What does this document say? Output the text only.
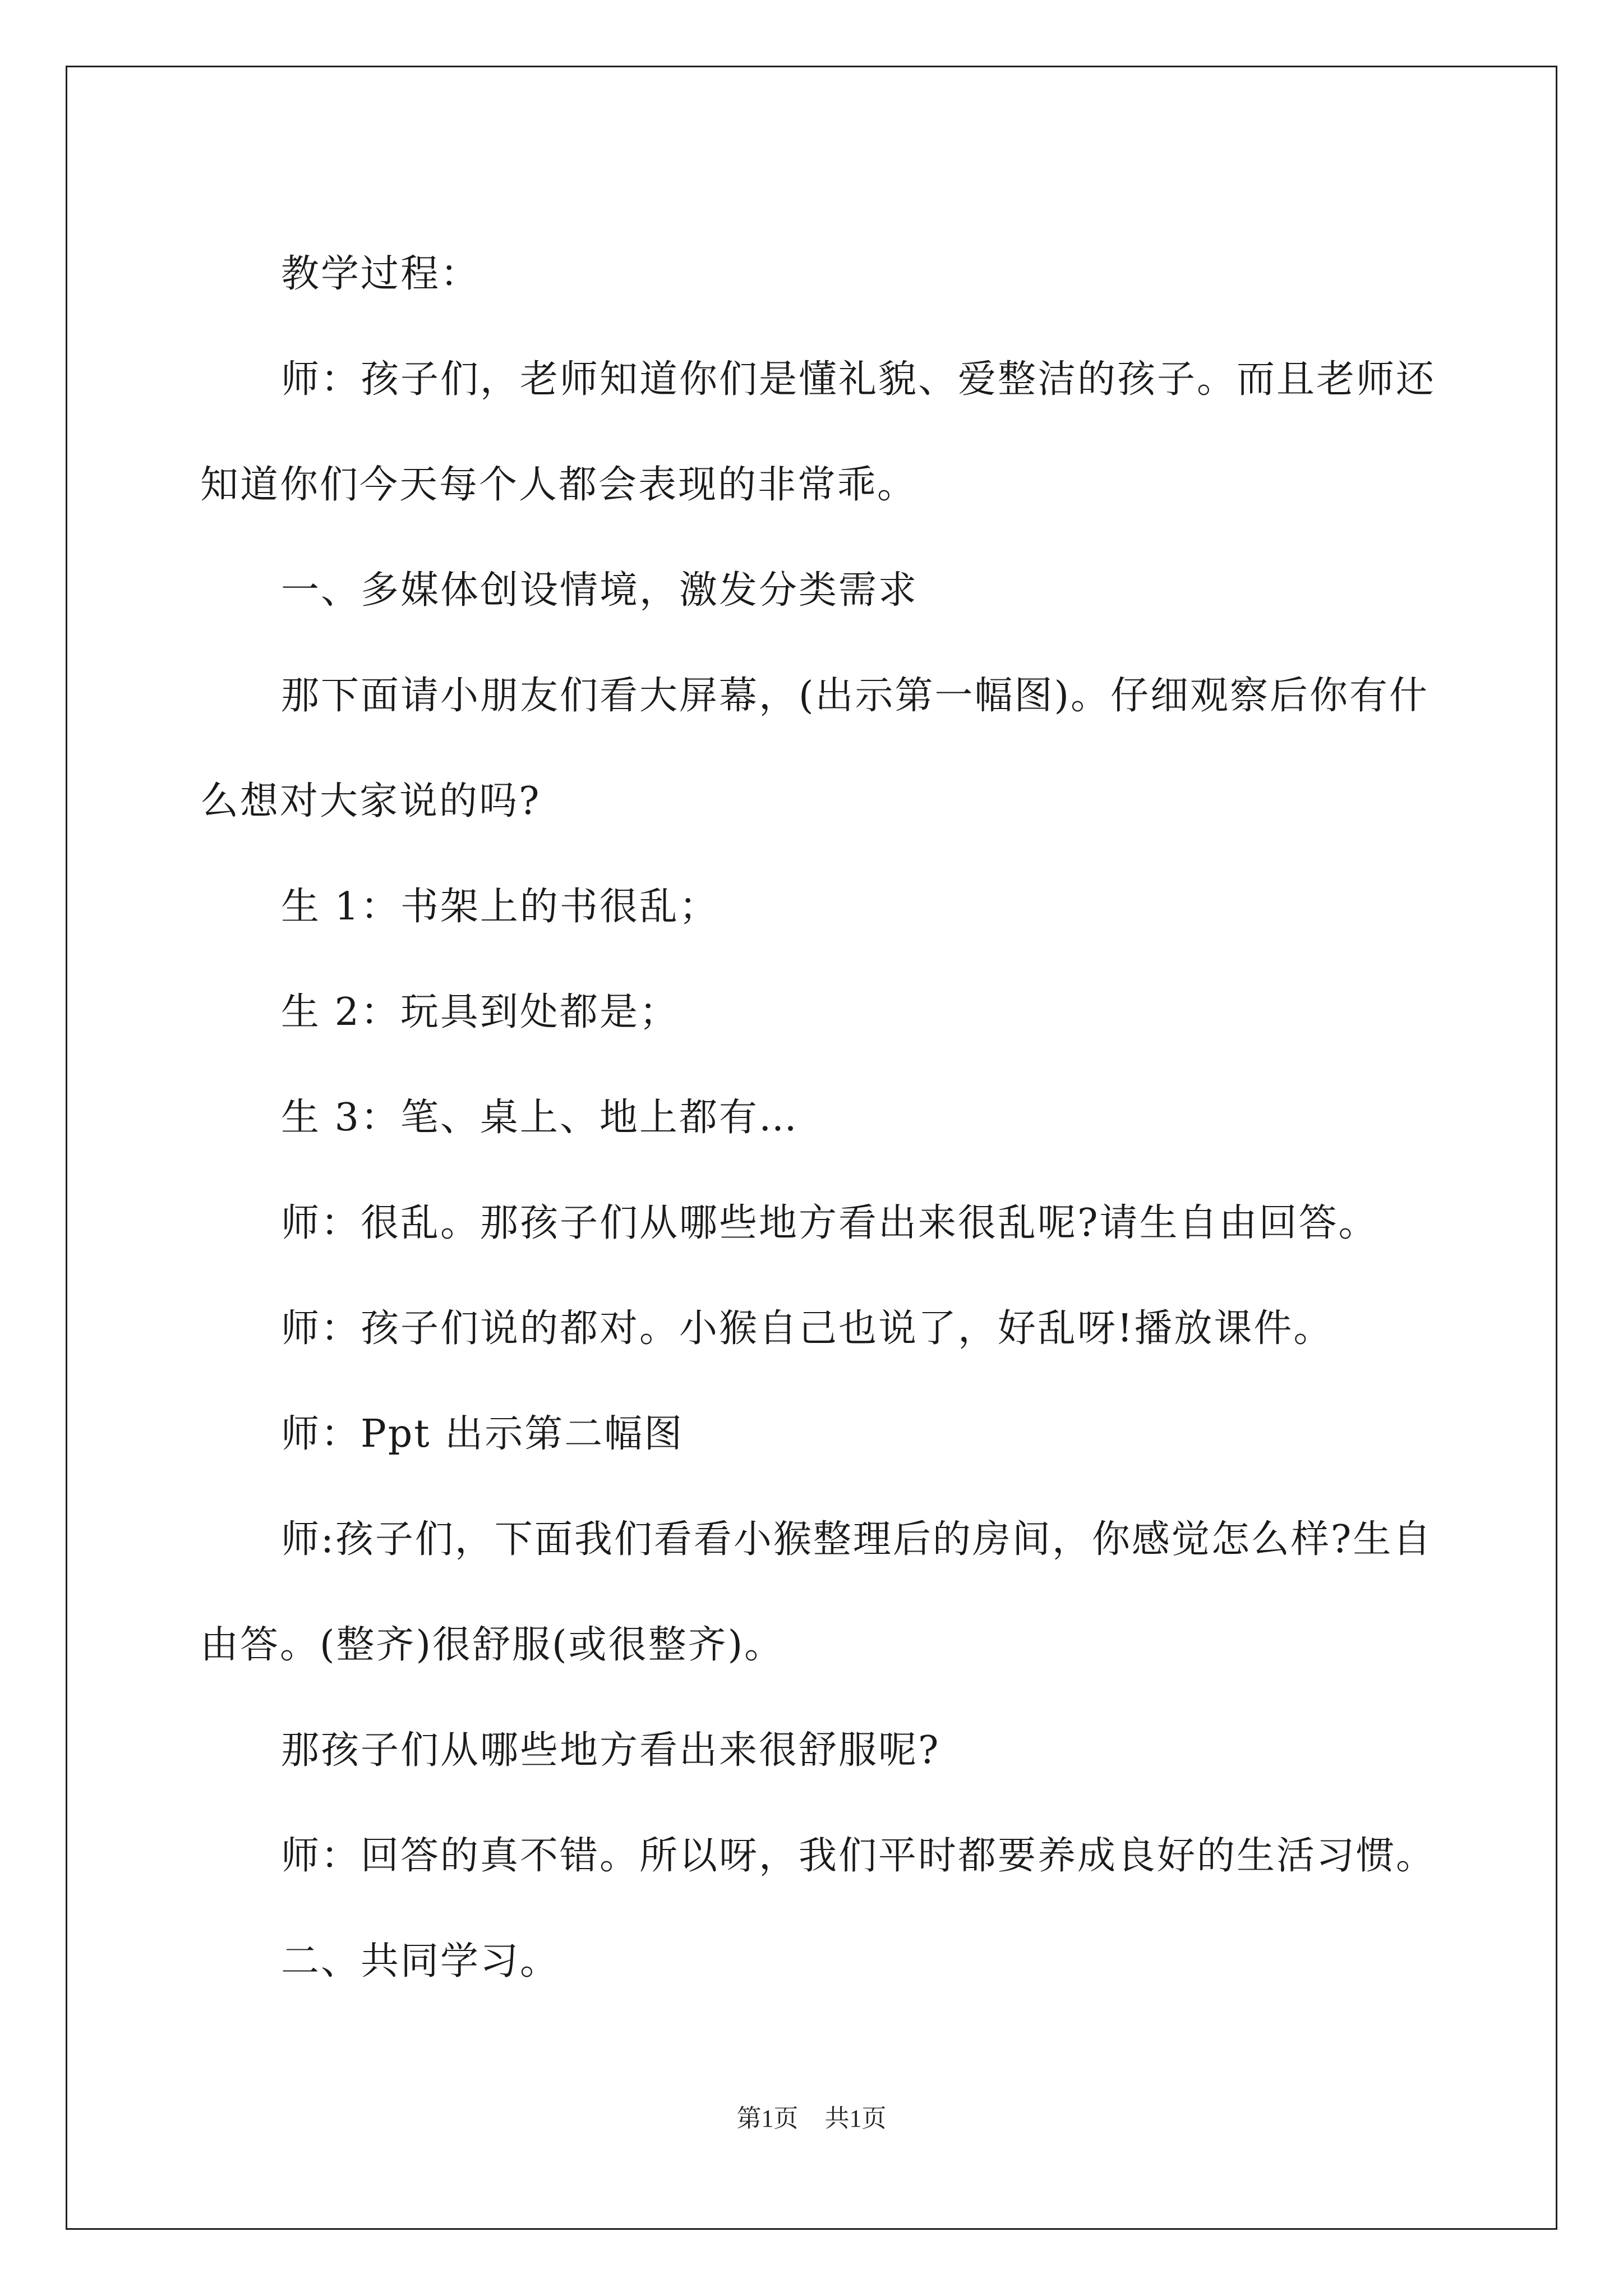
教学过程：

师：孩子们，老师知道你们是懂礼貌、爱整洁的孩子。而且老师还知道你们今天每个人都会表现的非常乖。

一、多媒体创设情境，激发分类需求

那下面请小朋友们看大屏幕，(出示第一幅图)。仔细观察后你有什么想对大家说的吗?

生 1：书架上的书很乱；

生 2：玩具到处都是；

生 3：笔、桌上、地上都有…

师：很乱。那孩子们从哪些地方看出来很乱呢?请生自由回答。

师：孩子们说的都对。小猴自己也说了，好乱呀!播放课件。

师：Ppt 出示第二幅图

师:孩子们，下面我们看看小猴整理后的房间，你感觉怎么样?生自由答。(整齐)很舒服(或很整齐)。

那孩子们从哪些地方看出来很舒服呢?

师：回答的真不错。所以呀，我们平时都要养成良好的生活习惯。

二、共同学习。

第1页 共1页
